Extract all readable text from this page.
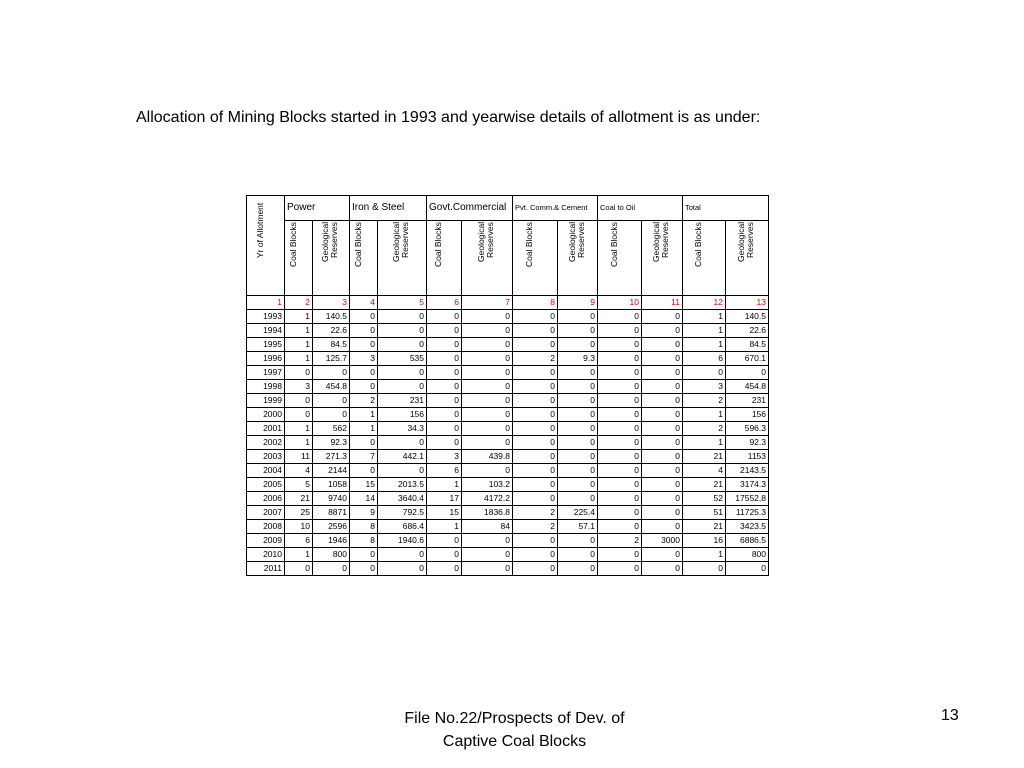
Allocation of Mining Blocks started in 1993 and yearwise details of allotment is as under:
Yr of Allotment	Power		Iron & Steel		Govt.Commercial		Pvt. Comm.& Cement		Coal to Oil		Total	

	Coal Blocks	Geological Reserves	Coal Blocks	Geological Reserves	Coal Blocks	Geological Reserves	Coal Blocks	Geological Reserves	Coal Blocks	Geological Reserves	Coal Blocks	Geological Reserves

1	2	3	4	5	6	7	8	9	10	11	12	13
1993	1	140.5	0	0	0	0	0	0	0	0	1	140.5
1994	1	22.6	0	0	0	0	0	0	0	0	1	22.6
1995	1	84.5	0	0	0	0	0	0	0	0	1	84.5
1996	1	125.7	3	535	0	0	2	9.3	0	0	6	670.1
1997	0	0	0	0	0	0	0	0	0	0	0	0
1998	3	454.8	0	0	0	0	0	0	0	0	3	454.8
1999	0	0	2	231	0	0	0	0	0	0	2	231
2000	0	0	1	156	0	0	0	0	0	0	1	156
2001	1	562	1	34.3	0	0	0	0	0	0	2	596.3
2002	1	92.3	0	0	0	0	0	0	0	0	1	92.3
2003	11	271.3	7	442.1	3	439.8	0	0	0	0	21	1153
2004	4	2144	0	0	6	0	0	0	0	0	4	2143.5
2005	5	1058	15	2013.5	1	103.2	0	0	0	0	21	3174.3
2006	21	9740	14	3640.4	17	4172.2	0	0	0	0	52	17552,8
2007	25	8871	9	792.5	15	1836.8	2	225.4	0	0	51	11725.3
2008	10	2596	8	686.4	1	84	2	57.1	0	0	21	3423.5
2009	6	1946	8	1940.6	0	0	0	0	2	3000	16	6886.5
2010	1	800	0	0	0	0	0	0	0	0	1	800
2011	0	0	0	0	0	0	0	0	0	0	0	0
File No.22/Prospects of Dev. of
Captive Coal Blocks
13
